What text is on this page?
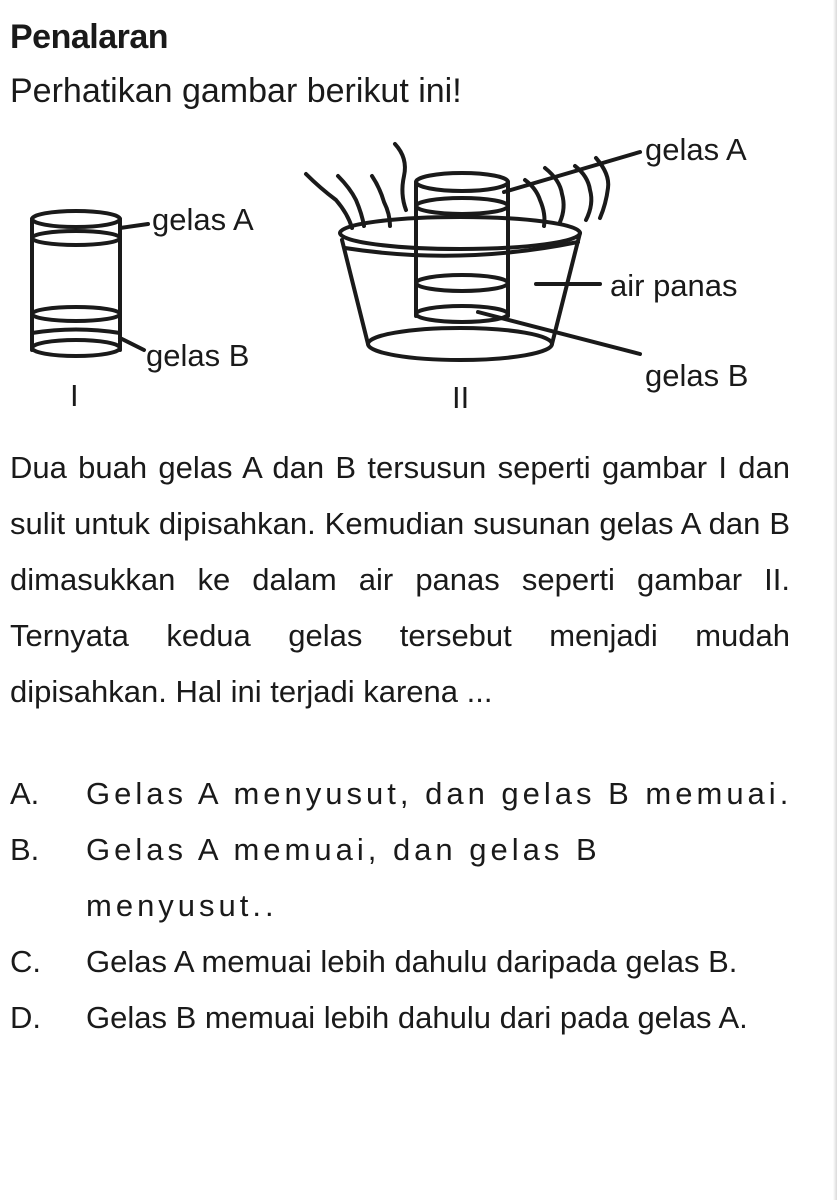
Penalaran
Perhatikan gambar berikut ini!
gelas A
gelas B
I
gelas A
air panas
gelas B
II
Dua buah gelas A dan B tersusun seperti gambar I dan sulit untuk dipisahkan. Kemudian susunan gelas A dan B dimasukkan ke dalam air panas seperti gambar II. Ternyata kedua gelas tersebut menjadi mudah dipisahkan. Hal ini terjadi karena ...
A.	Gelas A menyusut, dan gelas B memuai.
B.	Gelas A memuai, dan gelas B menyusut..
C.	Gelas A memuai lebih dahulu daripada gelas B.
D.	Gelas B memuai lebih dahulu dari pada gelas A.
